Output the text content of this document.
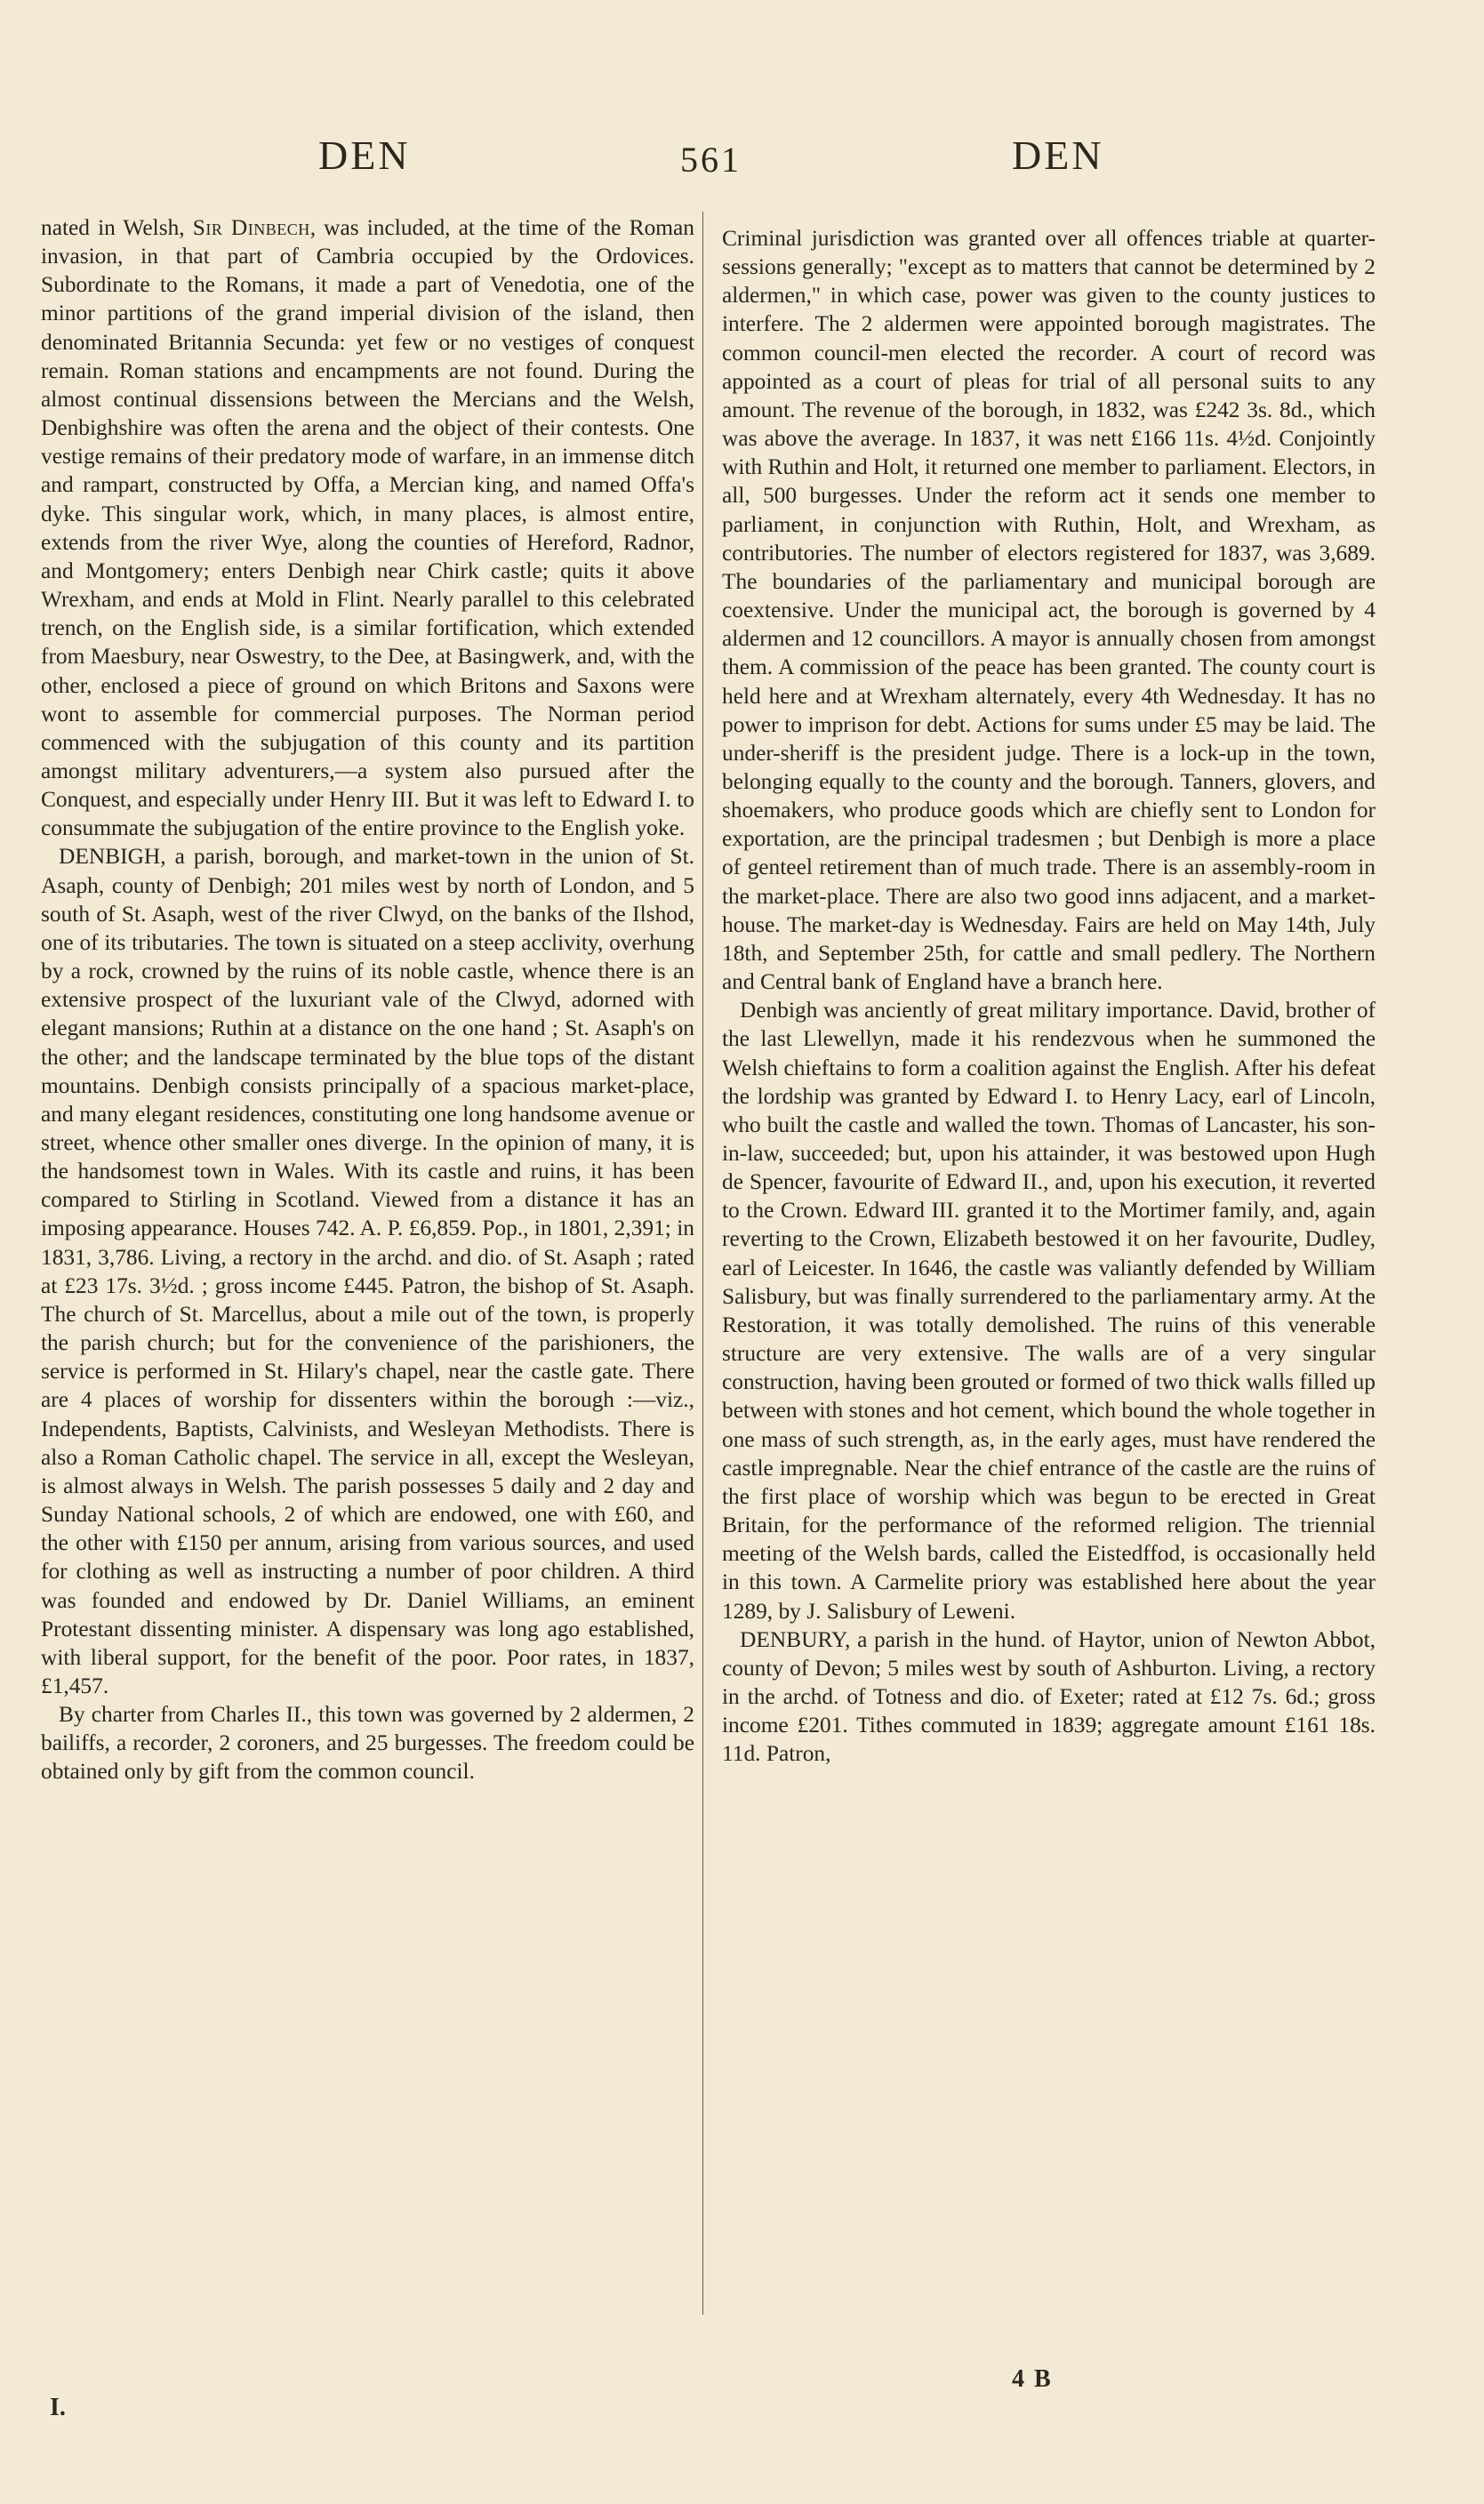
DEN	561	DEN

nated in Welsh, Sir Dinbech, was included, at the time of the Roman invasion, in that part of Cambria occupied by the Ordovices. Subordinate to the Romans, it made a part of Venedotia, one of the minor partitions of the grand imperial division of the island, then denominated Britannia Secunda: yet few or no vestiges of conquest remain. Roman stations and encampments are not found. During the almost continual dissensions between the Mercians and the Welsh, Denbighshire was often the arena and the object of their contests. One vestige remains of their predatory mode of warfare, in an immense ditch and rampart, constructed by Offa, a Mercian king, and named Offa's dyke. This singular work, which, in many places, is almost entire, extends from the river Wye, along the counties of Hereford, Radnor, and Montgomery; enters Denbigh near Chirk castle; quits it above Wrexham, and ends at Mold in Flint. Nearly parallel to this celebrated trench, on the English side, is a similar fortification, which extended from Maesbury, near Oswestry, to the Dee, at Basingwerk, and, with the other, enclosed a piece of ground on which Britons and Saxons were wont to assemble for commercial purposes. The Norman period commenced with the subjugation of this county and its partition amongst military adventurers,—a system also pursued after the Conquest, and especially under Henry III. But it was left to Edward I. to consummate the subjugation of the entire province to the English yoke.

DENBIGH, a parish, borough, and market-town in the union of St. Asaph, county of Denbigh; 201 miles west by north of London, and 5 south of St. Asaph, west of the river Clwyd, on the banks of the Ilshod, one of its tributaries. The town is situated on a steep acclivity, overhung by a rock, crowned by the ruins of its noble castle, whence there is an extensive prospect of the luxuriant vale of the Clwyd, adorned with elegant mansions; Ruthin at a distance on the one hand ; St. Asaph's on the other; and the landscape terminated by the blue tops of the distant mountains. Denbigh consists principally of a spacious market-place, and many elegant residences, constituting one long handsome avenue or street, whence other smaller ones diverge. In the opinion of many, it is the handsomest town in Wales. With its castle and ruins, it has been compared to Stirling in Scotland. Viewed from a distance it has an imposing appearance. Houses 742. A. P. £6,859. Pop., in 1801, 2,391; in 1831, 3,786. Living, a rectory in the archd. and dio. of St. Asaph ; rated at £23 17s. 3½d. ; gross income £445. Patron, the bishop of St. Asaph. The church of St. Marcellus, about a mile out of the town, is properly the parish church; but for the convenience of the parishioners, the service is performed in St. Hilary's chapel, near the castle gate. There are 4 places of worship for dissenters within the borough :—viz., Independents, Baptists, Calvinists, and Wesleyan Methodists. There is also a Roman Catholic chapel. The service in all, except the Wesleyan, is almost always in Welsh. The parish possesses 5 daily and 2 day and Sunday National schools, 2 of which are endowed, one with £60, and the other with £150 per annum, arising from various sources, and used for clothing as well as instructing a number of poor children. A third was founded and endowed by Dr. Daniel Williams, an eminent Protestant dissenting minister. A dispensary was long ago established, with liberal support, for the benefit of the poor. Poor rates, in 1837, £1,457.

By charter from Charles II., this town was governed by 2 aldermen, 2 bailiffs, a recorder, 2 coroners, and 25 burgesses. The freedom could be obtained only by gift from the common council.

Criminal jurisdiction was granted over all offences triable at quarter-sessions generally; "except as to matters that cannot be determined by 2 aldermen," in which case, power was given to the county justices to interfere. The 2 aldermen were appointed borough magistrates. The common council-men elected the recorder. A court of record was appointed as a court of pleas for trial of all personal suits to any amount. The revenue of the borough, in 1832, was £242 3s. 8d., which was above the average. In 1837, it was nett £166 11s. 4½d. Conjointly with Ruthin and Holt, it returned one member to parliament. Electors, in all, 500 burgesses. Under the reform act it sends one member to parliament, in conjunction with Ruthin, Holt, and Wrexham, as contributories. The number of electors registered for 1837, was 3,689. The boundaries of the parliamentary and municipal borough are coextensive. Under the municipal act, the borough is governed by 4 aldermen and 12 councillors. A mayor is annually chosen from amongst them. A commission of the peace has been granted. The county court is held here and at Wrexham alternately, every 4th Wednesday. It has no power to imprison for debt. Actions for sums under £5 may be laid. The under-sheriff is the president judge. There is a lock-up in the town, belonging equally to the county and the borough. Tanners, glovers, and shoemakers, who produce goods which are chiefly sent to London for exportation, are the principal tradesmen ; but Denbigh is more a place of genteel retirement than of much trade. There is an assembly-room in the market-place. There are also two good inns adjacent, and a market-house. The market-day is Wednesday. Fairs are held on May 14th, July 18th, and September 25th, for cattle and small pedlery. The Northern and Central bank of England have a branch here.

Denbigh was anciently of great military importance. David, brother of the last Llewellyn, made it his rendezvous when he summoned the Welsh chieftains to form a coalition against the English. After his defeat the lordship was granted by Edward I. to Henry Lacy, earl of Lincoln, who built the castle and walled the town. Thomas of Lancaster, his son-in-law, succeeded; but, upon his attainder, it was bestowed upon Hugh de Spencer, favourite of Edward II., and, upon his execution, it reverted to the Crown. Edward III. granted it to the Mortimer family, and, again reverting to the Crown, Elizabeth bestowed it on her favourite, Dudley, earl of Leicester. In 1646, the castle was valiantly defended by William Salisbury, but was finally surrendered to the parliamentary army. At the Restoration, it was totally demolished. The ruins of this venerable structure are very extensive. The walls are of a very singular construction, having been grouted or formed of two thick walls filled up between with stones and hot cement, which bound the whole together in one mass of such strength, as, in the early ages, must have rendered the castle impregnable. Near the chief entrance of the castle are the ruins of the first place of worship which was begun to be erected in Great Britain, for the performance of the reformed religion. The triennial meeting of the Welsh bards, called the Eistedffod, is occasionally held in this town. A Carmelite priory was established here about the year 1289, by J. Salisbury of Leweni.

DENBURY, a parish in the hund. of Haytor, union of Newton Abbot, county of Devon; 5 miles west by south of Ashburton. Living, a rectory in the archd. of Totness and dio. of Exeter; rated at £12 7s. 6d.; gross income £201. Tithes commuted in 1839; aggregate amount £161 18s. 11d. Patron,

I.
4 B
